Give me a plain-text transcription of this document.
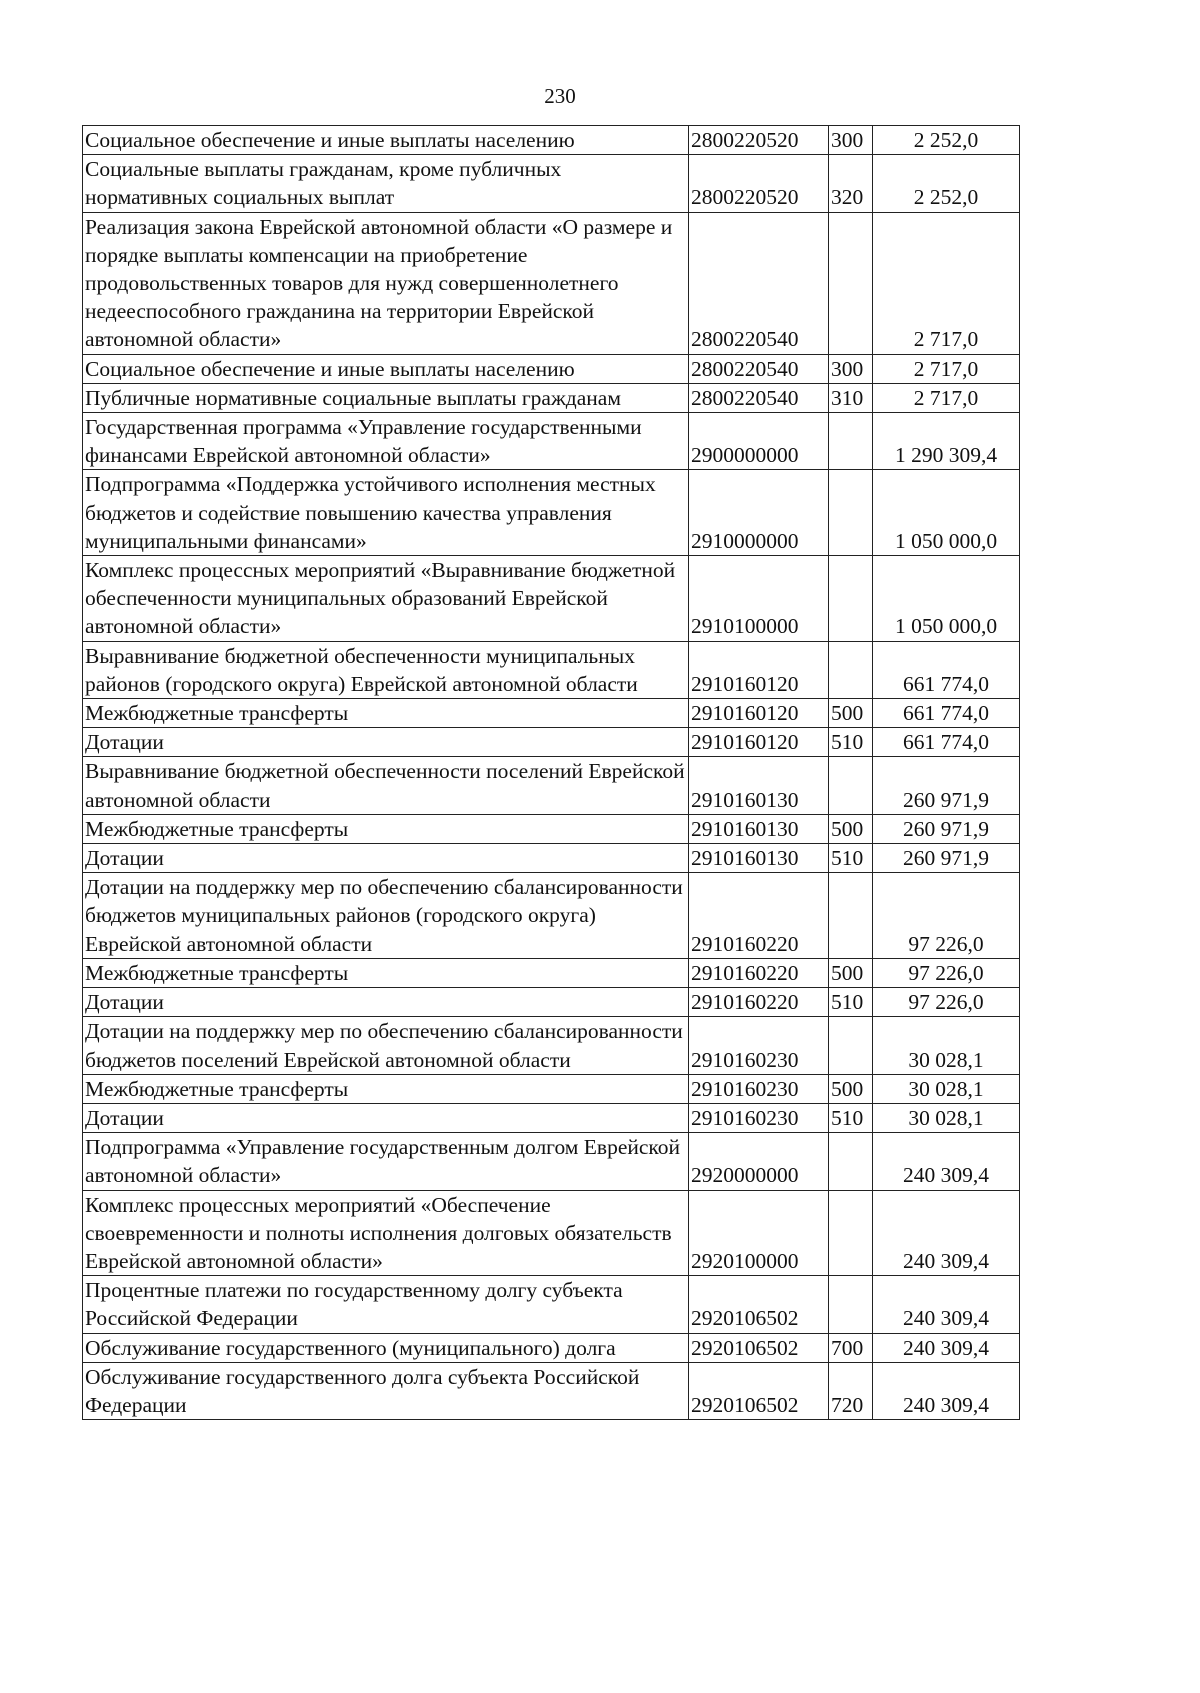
230
Социальное обеспечение и иные выплаты населению	2800220520	300	2 252,0
Социальные выплаты гражданам, кроме публичных нормативных социальных выплат	2800220520	320	2 252,0
Реализация закона Еврейской автономной области «О размере и порядке выплаты компенсации на приобретение продовольственных товаров для нужд совершеннолетнего недееспособного гражданина на территории Еврейской автономной области»	2800220540		2 717,0
Социальное обеспечение и иные выплаты населению	2800220540	300	2 717,0
Публичные нормативные социальные выплаты гражданам	2800220540	310	2 717,0
Государственная программа «Управление государственными финансами Еврейской автономной области»	2900000000		1 290 309,4
Подпрограмма «Поддержка устойчивого исполнения местных бюджетов и содействие повышению качества управления муниципальными финансами»	2910000000		1 050 000,0
Комплекс процессных мероприятий «Выравнивание бюджетной обеспеченности муниципальных образований Еврейской автономной области»	2910100000		1 050 000,0
Выравнивание бюджетной обеспеченности муниципальных районов (городского округа) Еврейской автономной области	2910160120		661 774,0
Межбюджетные трансферты	2910160120	500	661 774,0
Дотации	2910160120	510	661 774,0
Выравнивание бюджетной обеспеченности поселений Еврейской автономной области	2910160130		260 971,9
Межбюджетные трансферты	2910160130	500	260 971,9
Дотации	2910160130	510	260 971,9
Дотации на поддержку мер по обеспечению сбалансированности бюджетов муниципальных районов (городского округа) Еврейской автономной области	2910160220		97 226,0
Межбюджетные трансферты	2910160220	500	97 226,0
Дотации	2910160220	510	97 226,0
Дотации на поддержку мер по обеспечению сбалансированности бюджетов поселений Еврейской автономной области	2910160230		30 028,1
Межбюджетные трансферты	2910160230	500	30 028,1
Дотации	2910160230	510	30 028,1
Подпрограмма «Управление государственным долгом Еврейской автономной области»	2920000000		240 309,4
Комплекс процессных мероприятий «Обеспечение своевременности и полноты исполнения долговых обязательств Еврейской автономной области»	2920100000		240 309,4
Процентные платежи по государственному долгу субъекта Российской Федерации	2920106502		240 309,4
Обслуживание государственного (муниципального) долга	2920106502	700	240 309,4
Обслуживание государственного долга субъекта Российской Федерации	2920106502	720	240 309,4
